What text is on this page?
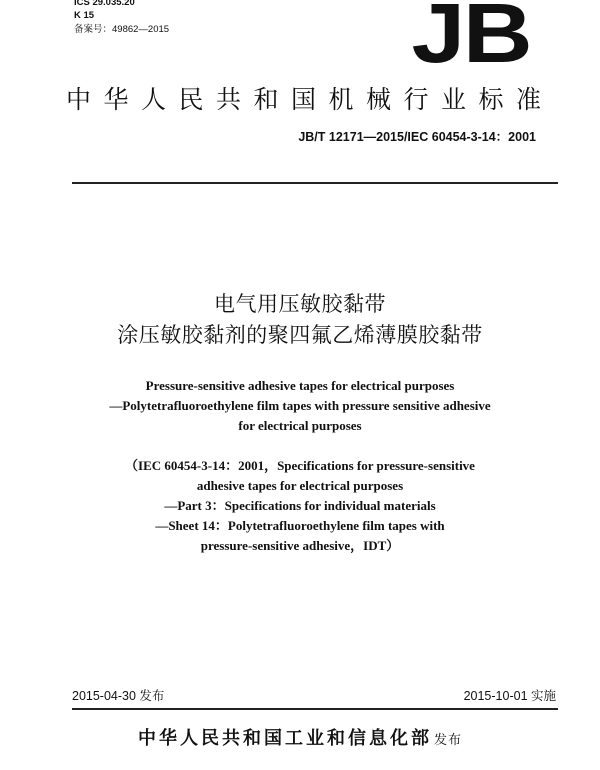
ICS 29.035.20
K 15
备案号：49862—2015	JB
中华人民共和国机械行业标准
JB/T 12171—2015/IEC 60454-3-14：2001
电气用压敏胶黏带
涂压敏胶黏剂的聚四氟乙烯薄膜胶黏带
Pressure-sensitive adhesive tapes for electrical purposes
—Polytetrafluoroethylene film tapes with pressure sensitive adhesive
for electrical purposes
（IEC 60454-3-14：2001，Specifications for pressure-sensitive
adhesive tapes for electrical purposes
—Part 3：Specifications for individual materials
—Sheet 14：Polytetrafluoroethylene film tapes with
pressure-sensitive adhesive，IDT）
2015-04-30 发布	2015-10-01 实施
中华人民共和国工业和信息化部 发布
